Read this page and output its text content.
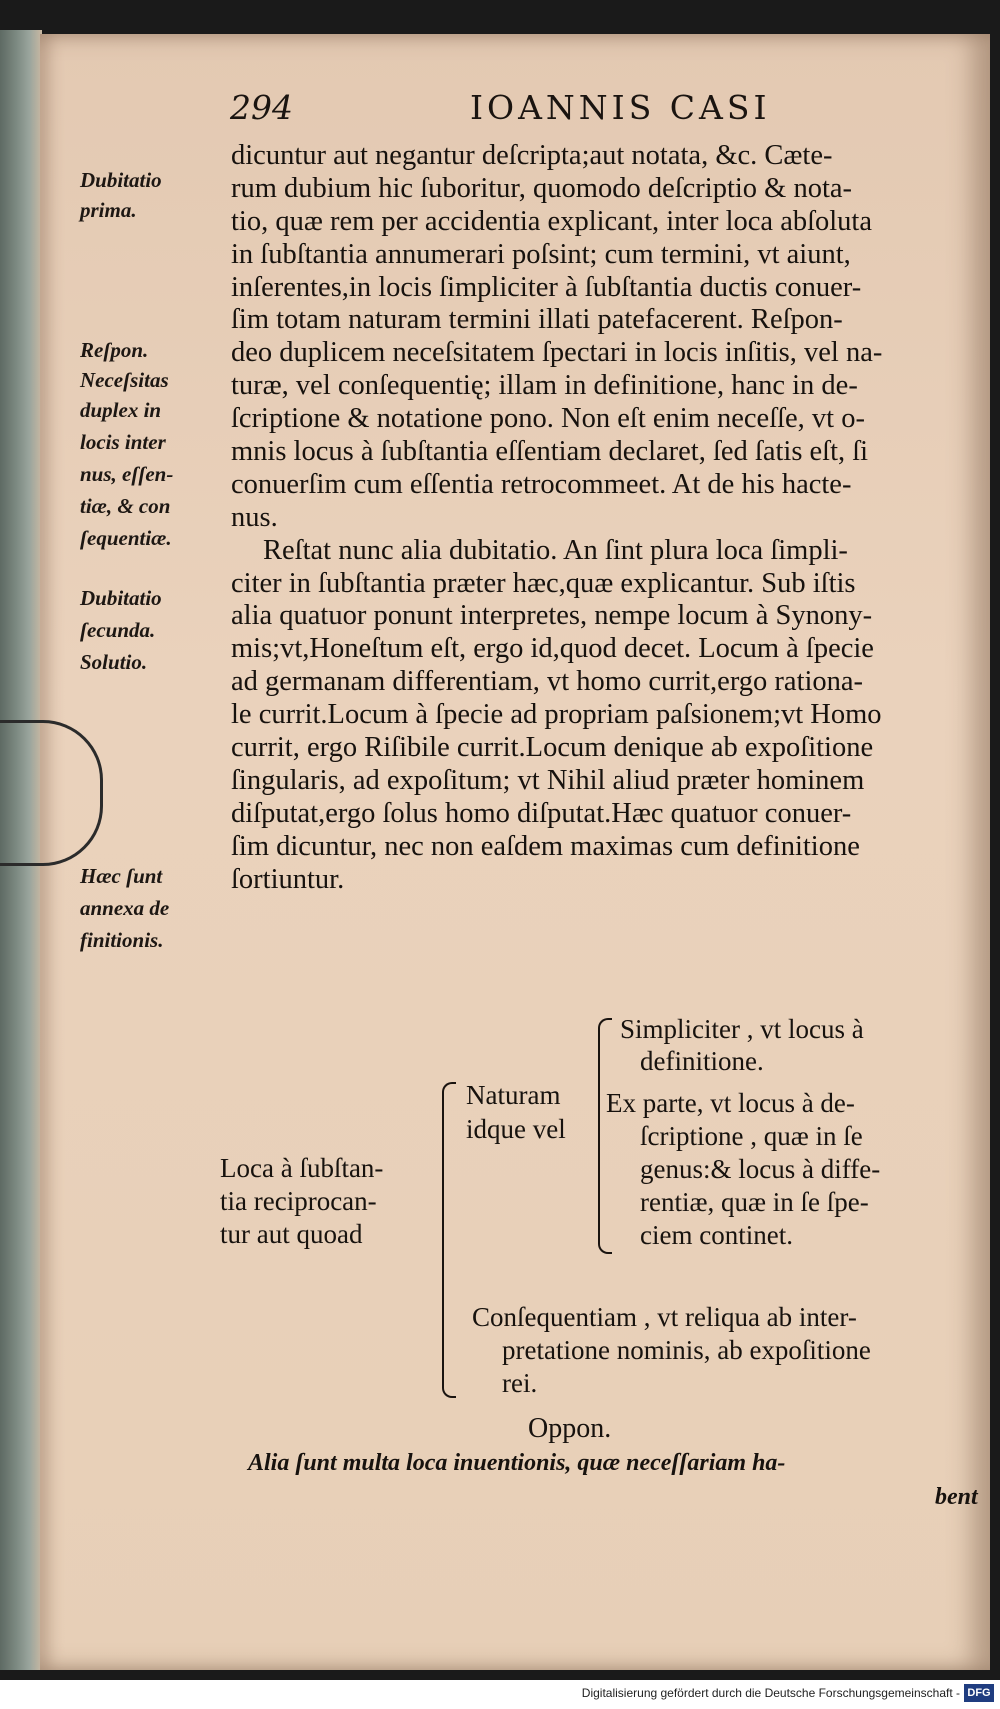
294	IOANNIS CASI
dicuntur aut negantur deſcripta;aut notata, &c. Cæte-
rum dubium hic ſuboritur, quomodo deſcriptio & nota-
tio, quæ rem per accidentia explicant, inter loca abſoluta
in ſubſtantia annumerari poſsint; cum termini, vt aiunt,
inſerentes,in locis ſimpliciter à ſubſtantia ductis conuer-
ſim totam naturam termini illati patefacerent. Reſpon-
deo duplicem neceſsitatem ſpectari in locis inſitis, vel na-
turæ, vel conſequentię; illam in definitione, hanc in de-
ſcriptione & notatione pono. Non eſt enim neceſſe, vt o-
mnis locus à ſubſtantia eſſentiam declaret, ſed ſatis eſt, ſi
conuerſim cum eſſentia retrocommeet. At de his hacte-
nus.
Reſtat nunc alia dubitatio. An ſint plura loca ſimpli-
citer in ſubſtantia præter hæc,quæ explicantur. Sub iſtis
alia quatuor ponunt interpretes, nempe locum à Synony-
mis;vt,Honeſtum eſt, ergo id,quod decet. Locum à ſpecie
ad germanam differentiam, vt homo currit,ergo rationa-
le currit.Locum à ſpecie ad propriam paſsionem;vt Homo
currit, ergo Riſibile currit.Locum denique ab expoſitione
ſingularis, ad expoſitum; vt Nihil aliud præter hominem
diſputat,ergo ſolus homo diſputat.Hæc quatuor conuer-
ſim dicuntur, nec non eaſdem maximas cum definitione
ſortiuntur.
Dubitatio
prima.
Reſpon.
Neceſsitas
duplex in
locis inter
nus, eſſen-
tiæ, & con
ſequentiæ.
Dubitatio
ſecunda.
Solutio.
Hæc ſunt
annexa de
finitionis.
Loca à ſubſtan-
tia reciprocan-
tur aut quoad
Naturam
idque vel
Simpliciter , vt locus à
definitione.
Ex parte, vt locus à de-
ſcriptione , quæ in ſe
genus:& locus à diffe-
rentiæ, quæ in ſe ſpe-
ciem continet.
Conſequentiam , vt reliqua ab inter-
pretatione nominis, ab expoſitione
rei.
Oppon.
Alia ſunt multa loca inuentionis, quæ neceſſariam ha-
bent
Digitalisierung gefördert durch die Deutsche Forschungsgemeinschaft - DFG
